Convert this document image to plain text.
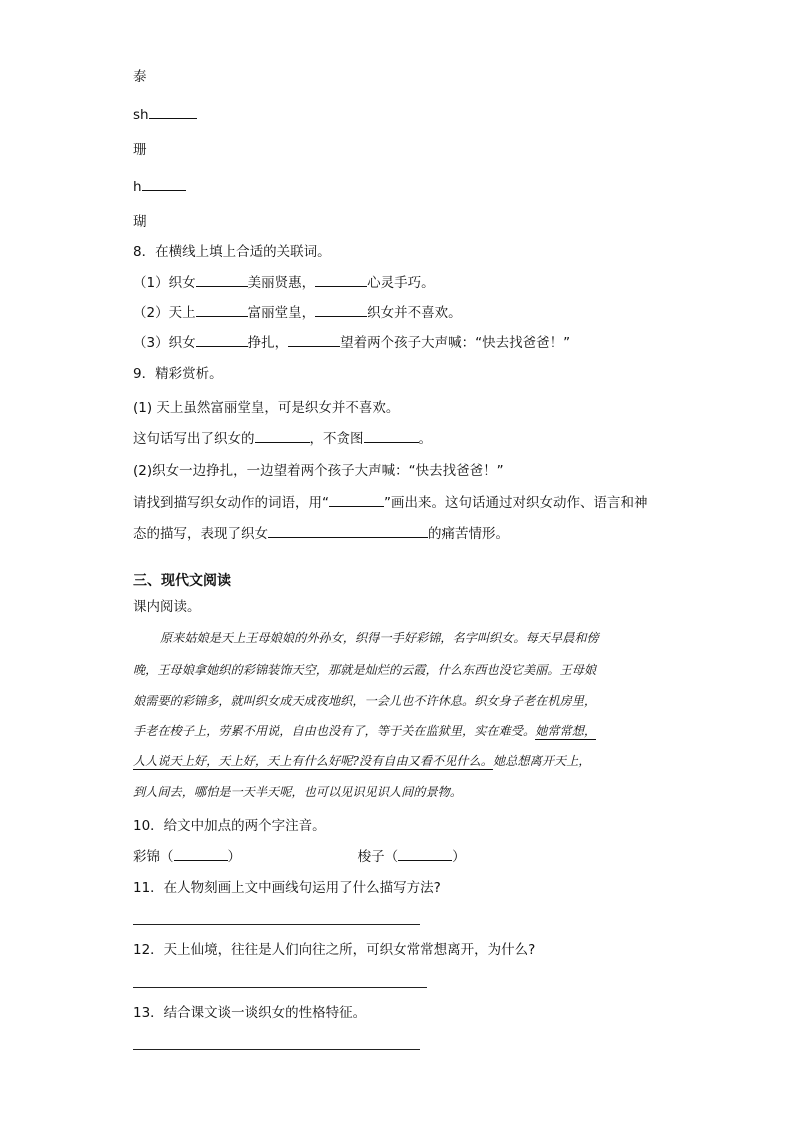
泰
sh
珊
h
瑚
8．在横线上填上合适的关联词。
（1）织女	美丽贤惠，	心灵手巧。
（2）天上	富丽堂皇，	织女并不喜欢。
（3）织女	挣扎，	望着两个孩子大声喊：“快去找爸爸！”
9．精彩赏析。
(1) 天上虽然富丽堂皇，可是织女并不喜欢。
这句话写出了织女的	，不贪图	。
(2)织女一边挣扎，一边望着两个孩子大声喊：“快去找爸爸！”
请找到描写织女动作的词语，用“	”画出来。这句话通过对织女动作、语言和神
态的描写，表现了织女	的痛苦情形。
三、现代文阅读
课内阅读。
原来姑娘是天上王母娘娘的外孙女，织得一手好彩锦，名字叫织女。每天早晨和傍
晚，王母娘拿她织的彩锦装饰天空，那就是灿烂的云霞，什么东西也没它美丽。王母娘
娘需要的彩锦多，就叫织女成天成夜地织，一会儿也不许休息。织女身子老在机房里，
手老在梭子上，劳累不用说，自由也没有了，等于关在监狱里，实在难受。她常常想，
人人说天上好，天上好，天上有什么好呢?没有自由又看不见什么。她总想离开天上，
到人间去，哪怕是一天半天呢，也可以见识见识人间的景物。
10．给文中加点的两个字注音。
彩锦（	）	梭子（	）
11．在人物刻画上文中画线句运用了什么描写方法?
12．天上仙境，往往是人们向往之所，可织女常常想离开，为什么?
13．结合课文谈一谈织女的性格特征。
